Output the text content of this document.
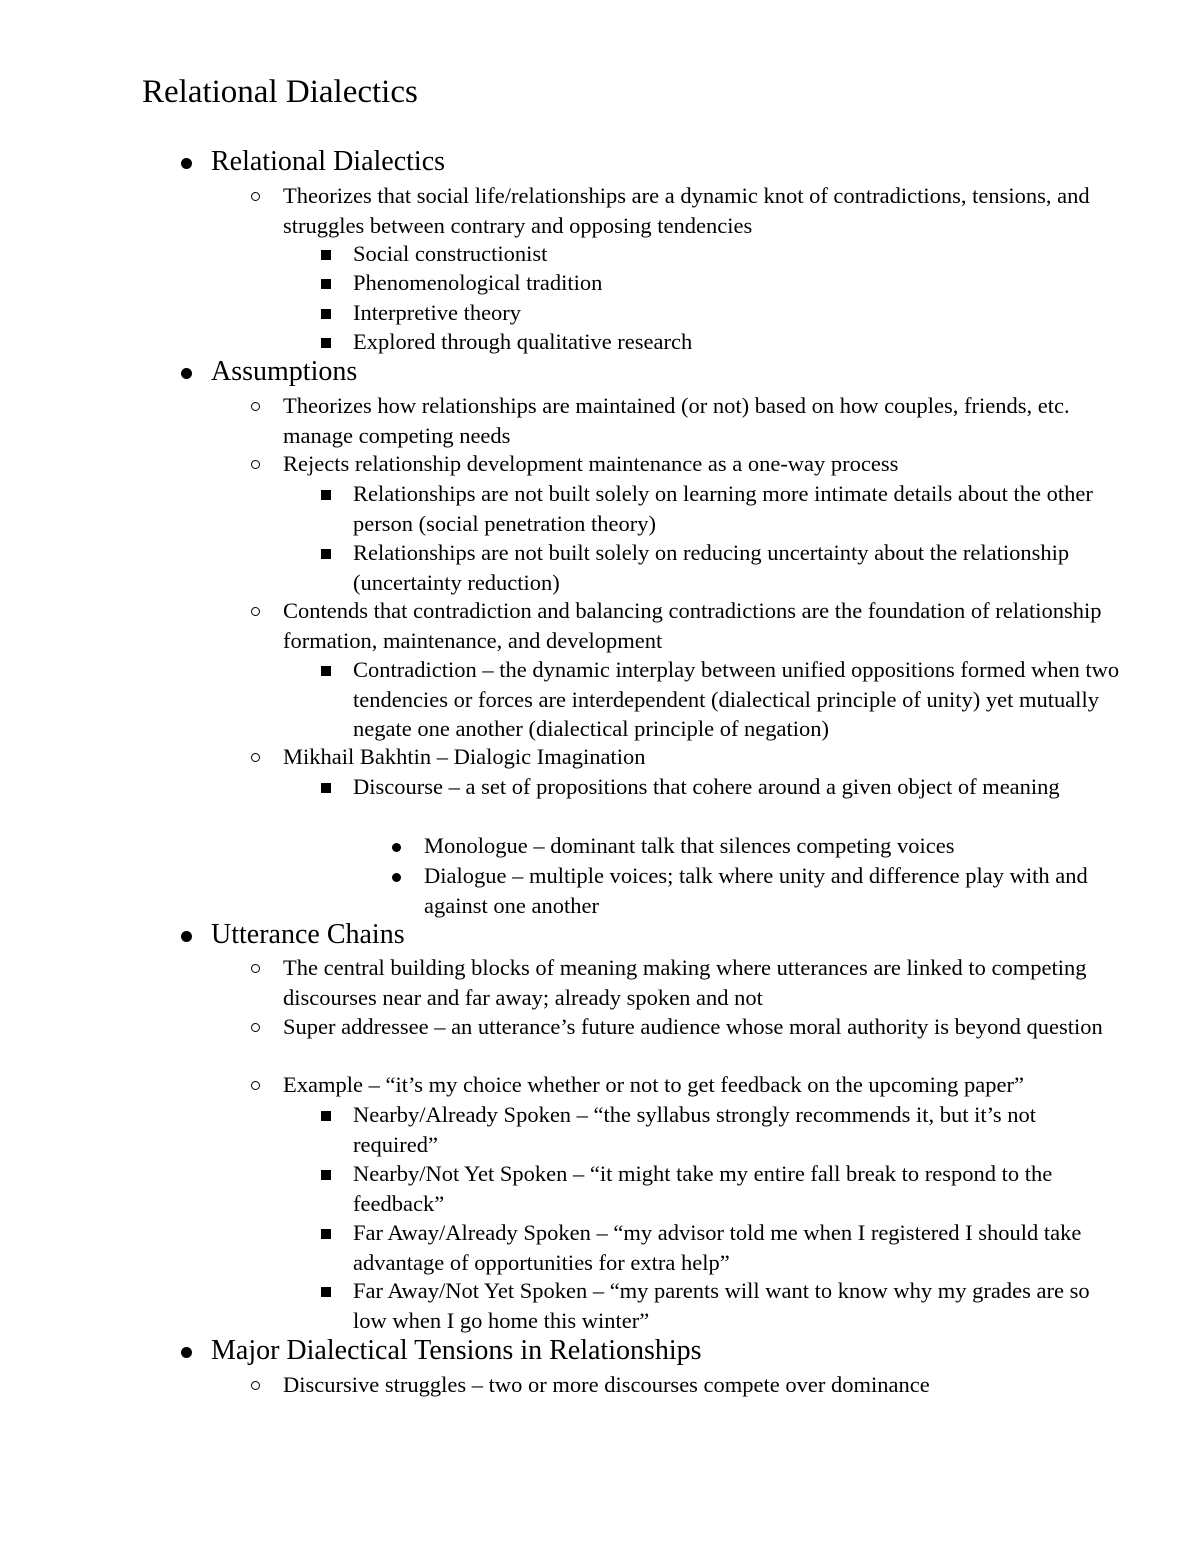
Relational Dialectics
Relational Dialectics
Theorizes that social life/relationships are a dynamic knot of contradictions, tensions, and struggles between contrary and opposing tendencies
Social constructionist
Phenomenological tradition
Interpretive theory
Explored through qualitative research
Assumptions
Theorizes how relationships are maintained (or not) based on how couples, friends, etc. manage competing needs
Rejects relationship development maintenance as a one-way process
Relationships are not built solely on learning more intimate details about the other person (social penetration theory)
Relationships are not built solely on reducing uncertainty about the relationship (uncertainty reduction)
Contends that contradiction and balancing contradictions are the foundation of relationship formation, maintenance, and development
Contradiction – the dynamic interplay between unified oppositions formed when two tendencies or forces are interdependent (dialectical principle of unity) yet mutually negate one another (dialectical principle of negation)
Mikhail Bakhtin – Dialogic Imagination
Discourse – a set of propositions that cohere around a given object of meaning
Monologue – dominant talk that silences competing voices
Dialogue – multiple voices; talk where unity and difference play with and against one another
Utterance Chains
The central building blocks of meaning making where utterances are linked to competing discourses near and far away; already spoken and not
Super addressee – an utterance’s future audience whose moral authority is beyond question
Example – “it’s my choice whether or not to get feedback on the upcoming paper”
Nearby/Already Spoken – “the syllabus strongly recommends it, but it’s not required”
Nearby/Not Yet Spoken – “it might take my entire fall break to respond to the feedback”
Far Away/Already Spoken – “my advisor told me when I registered I should take advantage of opportunities for extra help”
Far Away/Not Yet Spoken – “my parents will want to know why my grades are so low when I go home this winter”
Major Dialectical Tensions in Relationships
Discursive struggles – two or more discourses compete over dominance
